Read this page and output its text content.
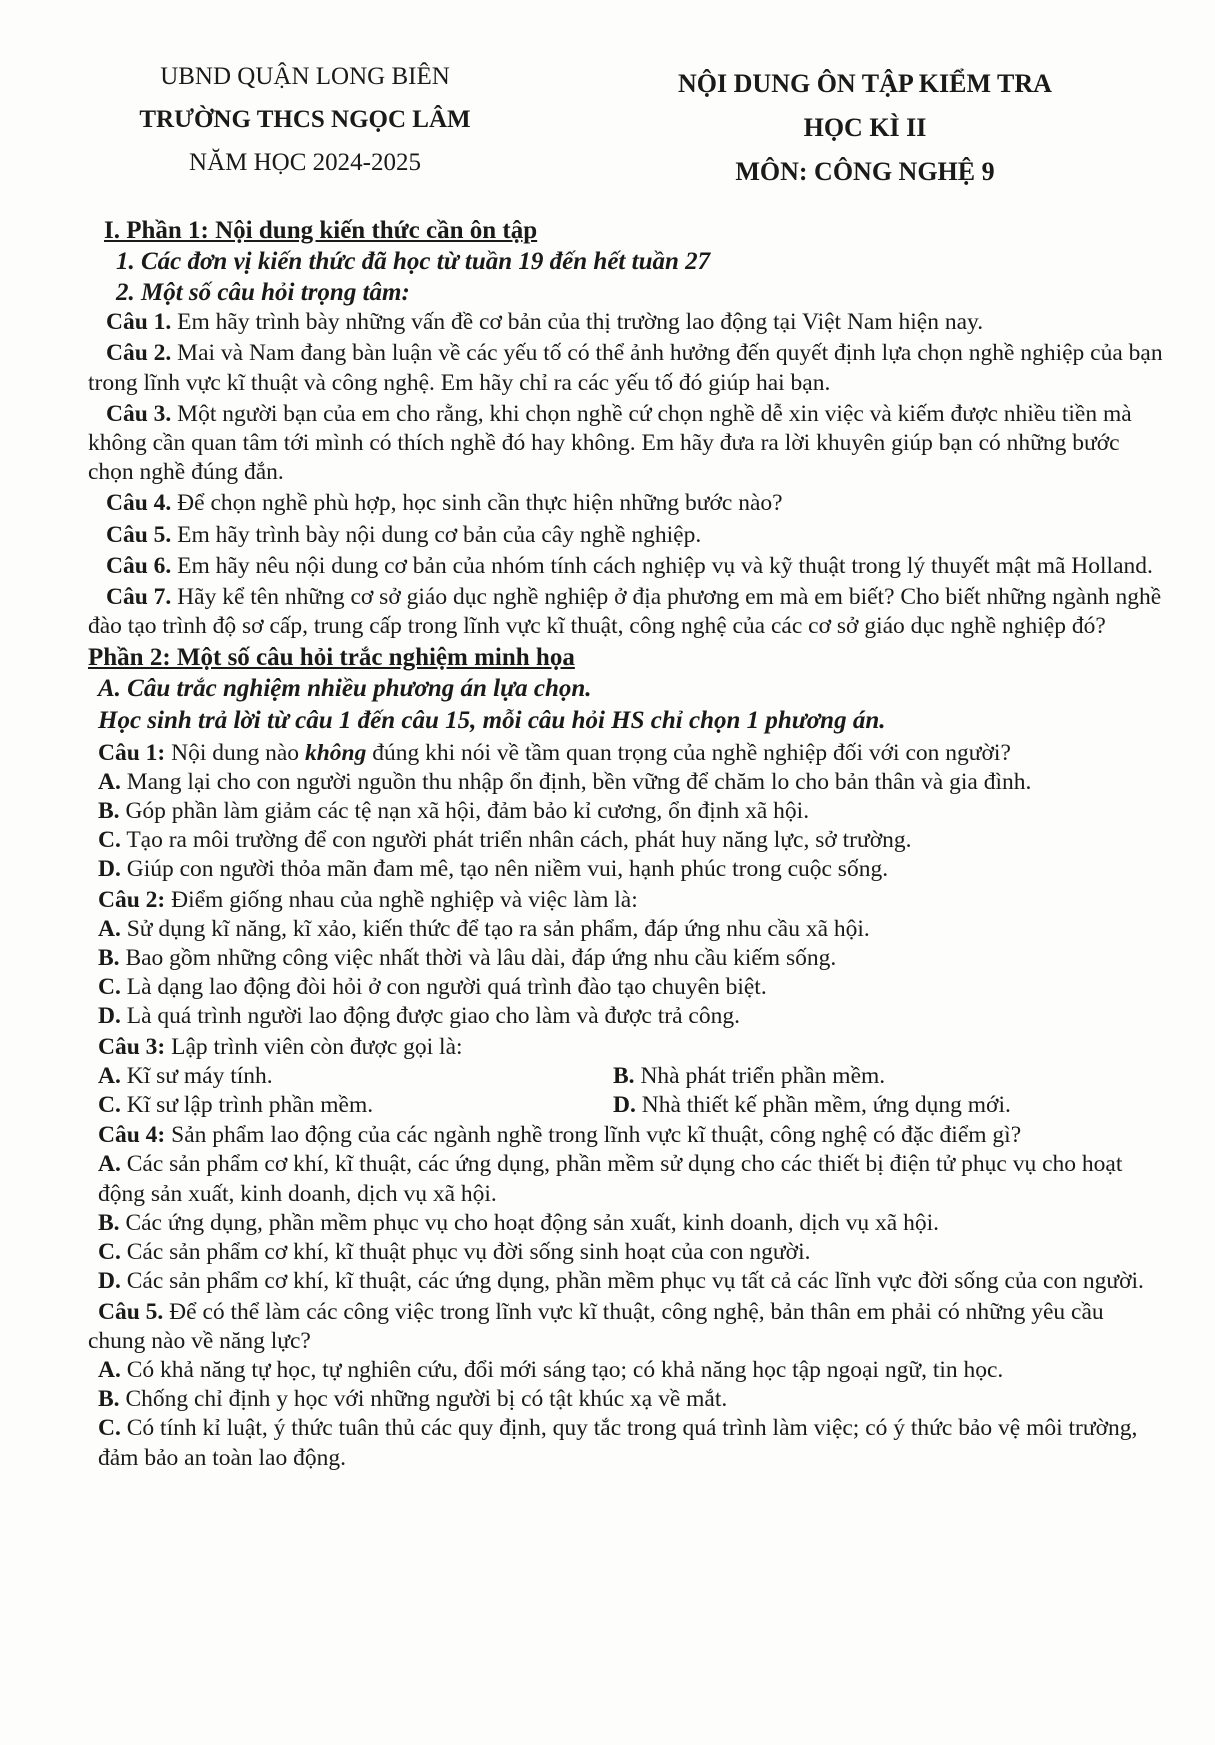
UBND QUẬN LONG BIÊN
TRƯỜNG THCS NGỌC LÂM
NĂM HỌC 2024-2025
NỘI DUNG ÔN TẬP KIỂM TRA
HỌC KÌ II
MÔN: CÔNG NGHỆ 9
I. Phần 1: Nội dung kiến thức cần ôn tập
1. Các đơn vị kiến thức đã học từ tuần 19 đến hết tuần 27
2. Một số câu hỏi trọng tâm:
Câu 1. Em hãy trình bày những vấn đề cơ bản của thị trường lao động tại Việt Nam hiện nay.
Câu 2. Mai và Nam đang bàn luận về các yếu tố có thể ảnh hưởng đến quyết định lựa chọn nghề nghiệp của bạn trong lĩnh vực kĩ thuật và công nghệ. Em hãy chỉ ra các yếu tố đó giúp hai bạn.
Câu 3. Một người bạn của em cho rằng, khi chọn nghề cứ chọn nghề dễ xin việc và kiếm được nhiều tiền mà không cần quan tâm tới mình có thích nghề đó hay không. Em hãy đưa ra lời khuyên giúp bạn có những bước chọn nghề đúng đắn.
Câu 4. Để chọn nghề phù hợp, học sinh cần thực hiện những bước nào?
Câu 5. Em hãy trình bày nội dung cơ bản của cây nghề nghiệp.
Câu 6. Em hãy nêu nội dung cơ bản của nhóm tính cách nghiệp vụ và kỹ thuật trong lý thuyết mật mã Holland.
Câu 7. Hãy kể tên những cơ sở giáo dục nghề nghiệp ở địa phương em mà em biết? Cho biết những ngành nghề đào tạo trình độ sơ cấp, trung cấp trong lĩnh vực kĩ thuật, công nghệ của các cơ sở giáo dục nghề nghiệp đó?
Phần 2: Một số câu hỏi trắc nghiệm minh họa
A. Câu trắc nghiệm nhiều phương án lựa chọn.
Học sinh trả lời từ câu 1 đến câu 15, mỗi câu hỏi HS chỉ chọn 1 phương án.
Câu 1: Nội dung nào không đúng khi nói về tầm quan trọng của nghề nghiệp đối với con người?
A. Mang lại cho con người nguồn thu nhập ổn định, bền vững để chăm lo cho bản thân và gia đình.
B. Góp phần làm giảm các tệ nạn xã hội, đảm bảo kỉ cương, ổn định xã hội.
C. Tạo ra môi trường để con người phát triển nhân cách, phát huy năng lực, sở trường.
D. Giúp con người thỏa mãn đam mê, tạo nên niềm vui, hạnh phúc trong cuộc sống.
Câu 2: Điểm giống nhau của nghề nghiệp và việc làm là:
A. Sử dụng kĩ năng, kĩ xảo, kiến thức để tạo ra sản phẩm, đáp ứng nhu cầu xã hội.
B. Bao gồm những công việc nhất thời và lâu dài, đáp ứng nhu cầu kiếm sống.
C. Là dạng lao động đòi hỏi ở con người quá trình đào tạo chuyên biệt.
D. Là quá trình người lao động được giao cho làm và được trả công.
Câu 3: Lập trình viên còn được gọi là:
A. Kĩ sư máy tính.	B. Nhà phát triển phần mềm.
C. Kĩ sư lập trình phần mềm.	D. Nhà thiết kế phần mềm, ứng dụng mới.
Câu 4: Sản phẩm lao động của các ngành nghề trong lĩnh vực kĩ thuật, công nghệ có đặc điểm gì?
A. Các sản phẩm cơ khí, kĩ thuật, các ứng dụng, phần mềm sử dụng cho các thiết bị điện tử phục vụ cho hoạt động sản xuất, kinh doanh, dịch vụ xã hội.
B. Các ứng dụng, phần mềm phục vụ cho hoạt động sản xuất, kinh doanh, dịch vụ xã hội.
C. Các sản phẩm cơ khí, kĩ thuật phục vụ đời sống sinh hoạt của con người.
D. Các sản phẩm cơ khí, kĩ thuật, các ứng dụng, phần mềm phục vụ tất cả các lĩnh vực đời sống của con người.
Câu 5. Để có thể làm các công việc trong lĩnh vực kĩ thuật, công nghệ, bản thân em phải có những yêu cầu chung nào về năng lực?
A. Có khả năng tự học, tự nghiên cứu, đổi mới sáng tạo; có khả năng học tập ngoại ngữ, tin học.
B. Chống chỉ định y học với những người bị có tật khúc xạ về mắt.
C. Có tính kỉ luật, ý thức tuân thủ các quy định, quy tắc trong quá trình làm việc; có ý thức bảo vệ môi trường, đảm bảo an toàn lao động.
